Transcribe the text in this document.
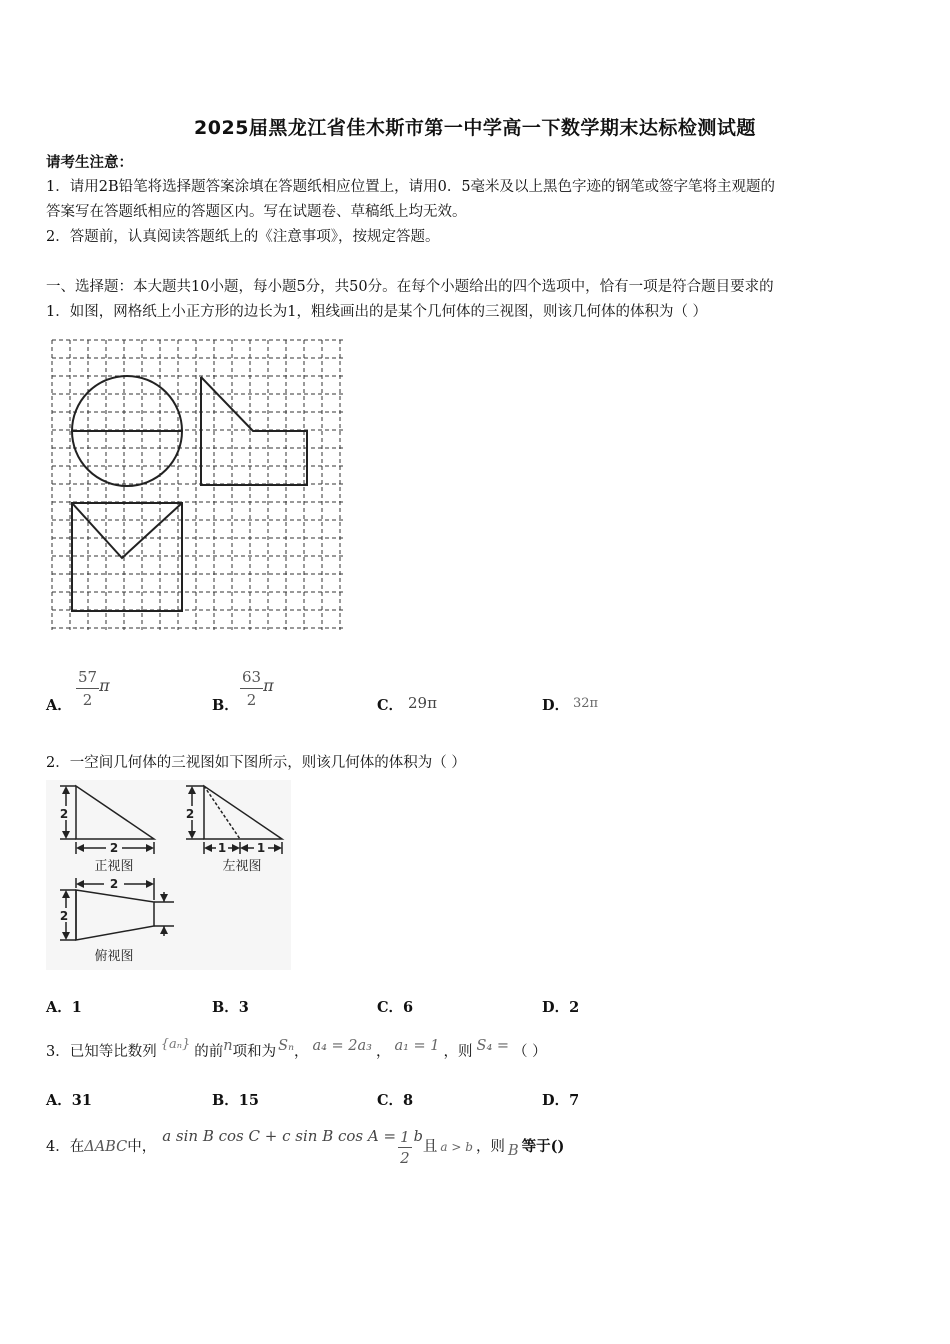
2025届黑龙江省佳木斯市第一中学高一下数学期末达标检测试题
请考生注意：
1．请用2B铅笔将选择题答案涂填在答题纸相应位置上，请用0．5毫米及以上黑色字迹的钢笔或签字笔将主观题的
答案写在答题纸相应的答题区内。写在试题卷、草稿纸上均无效。
2．答题前，认真阅读答题纸上的《注意事项》，按规定答题。
一、选择题：本大题共10小题，每小题5分，共50分。在每个小题给出的四个选项中，恰有一项是符合题目要求的
1．如图，网格纸上小正方形的边长为1，粗线画出的是某个几何体的三视图，则该几何体的体积为（ ）
A． $\frac{57}{2}$ π
B． $\frac{63}{2}$ π
C． 29π	D． 32π
2．一空间几何体的三视图如下图所示，则该几何体的体积为（ ）
2
2
2
1	1
2
2
正视图	左视图
俯视图
A．1	B．3	C．6	D．2
3．已知等比数列 {aₙ} 的前n项和为 Sₙ， a₄ = 2a₃ ， a₁ = 1 ，则 S₄ = （ ）
A．31	B．15	C．8	D．7
4．在ΔABC中，a sin B cos C + c sin B $\cos A = \frac{1}{2}$ b且 a > b ，则 B 等于()
